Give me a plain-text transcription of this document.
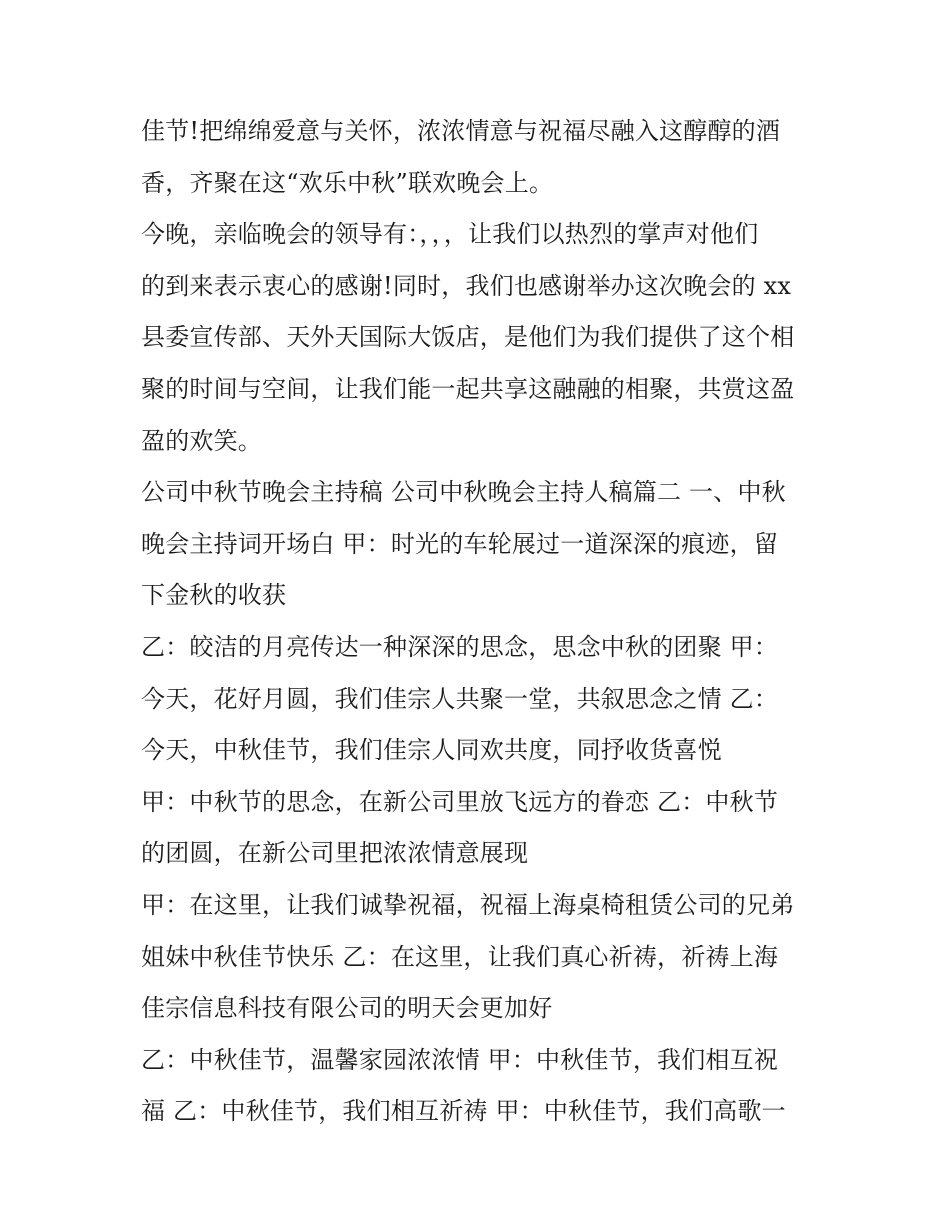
佳节!把绵绵爱意与关怀，浓浓情意与祝福尽融入这醇醇的酒
香，齐聚在这“欢乐中秋”联欢晚会上。
今晚，亲临晚会的领导有：，，，让我们以热烈的掌声对他们
的到来表示衷心的感谢!同时，我们也感谢举办这次晚会的 xx
县委宣传部、天外天国际大饭店，是他们为我们提供了这个相
聚的时间与空间，让我们能一起共享这融融的相聚，共赏这盈
盈的欢笑。
公司中秋节晚会主持稿 公司中秋晚会主持人稿篇二 一、中秋
晚会主持词开场白 甲：时光的车轮展过一道深深的痕迹，留
下金秋的收获
乙：皎洁的月亮传达一种深深的思念，思念中秋的团聚 甲：
今天，花好月圆，我们佳宗人共聚一堂，共叙思念之情 乙：
今天，中秋佳节，我们佳宗人同欢共度，同抒收货喜悦
甲：中秋节的思念，在新公司里放飞远方的眷恋 乙：中秋节
的团圆，在新公司里把浓浓情意展现
甲：在这里，让我们诚挚祝福，祝福上海桌椅租赁公司的兄弟
姐妹中秋佳节快乐 乙：在这里，让我们真心祈祷，祈祷上海
佳宗信息科技有限公司的明天会更加好
乙：中秋佳节，温馨家园浓浓情 甲：中秋佳节，我们相互祝
福 乙：中秋佳节，我们相互祈祷 甲：中秋佳节，我们高歌一
